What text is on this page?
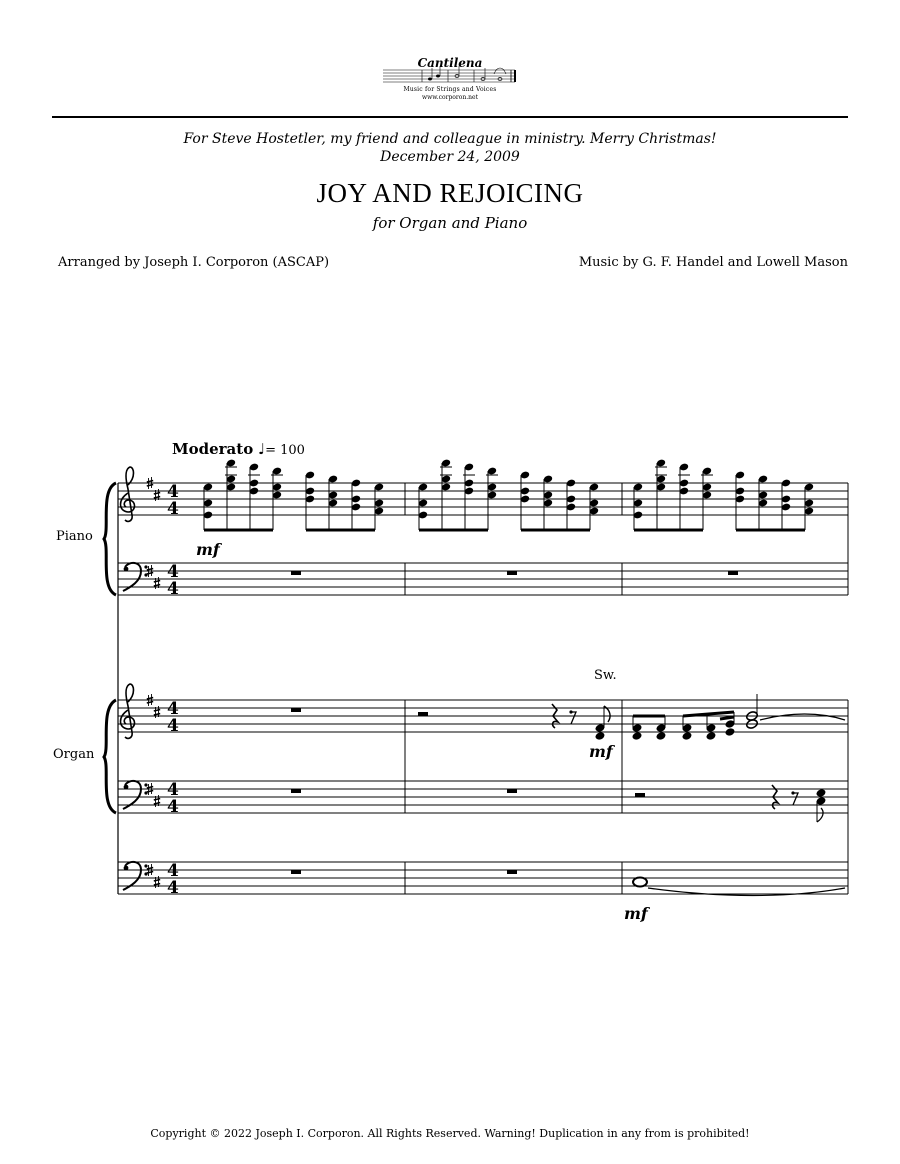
Cantilena
Music for Strings and Voices
www.corporon.net
For Steve Hostetler, my friend and colleague in ministry. Merry Christmas!
December 24, 2009
JOY AND REJOICING
for Organ and Piano
Arranged by Joseph I. Corporon (ASCAP)	Music by G. F. Handel and Lowell Mason
Moderato ♩= 100
Piano
Organ
mf
mf
mf
Sw.
4
4
4
4
4
4
4
4
4
4
Copyright © 2022 Joseph I. Corporon. All Rights Reserved. Warning! Duplication in any from is prohibited!
